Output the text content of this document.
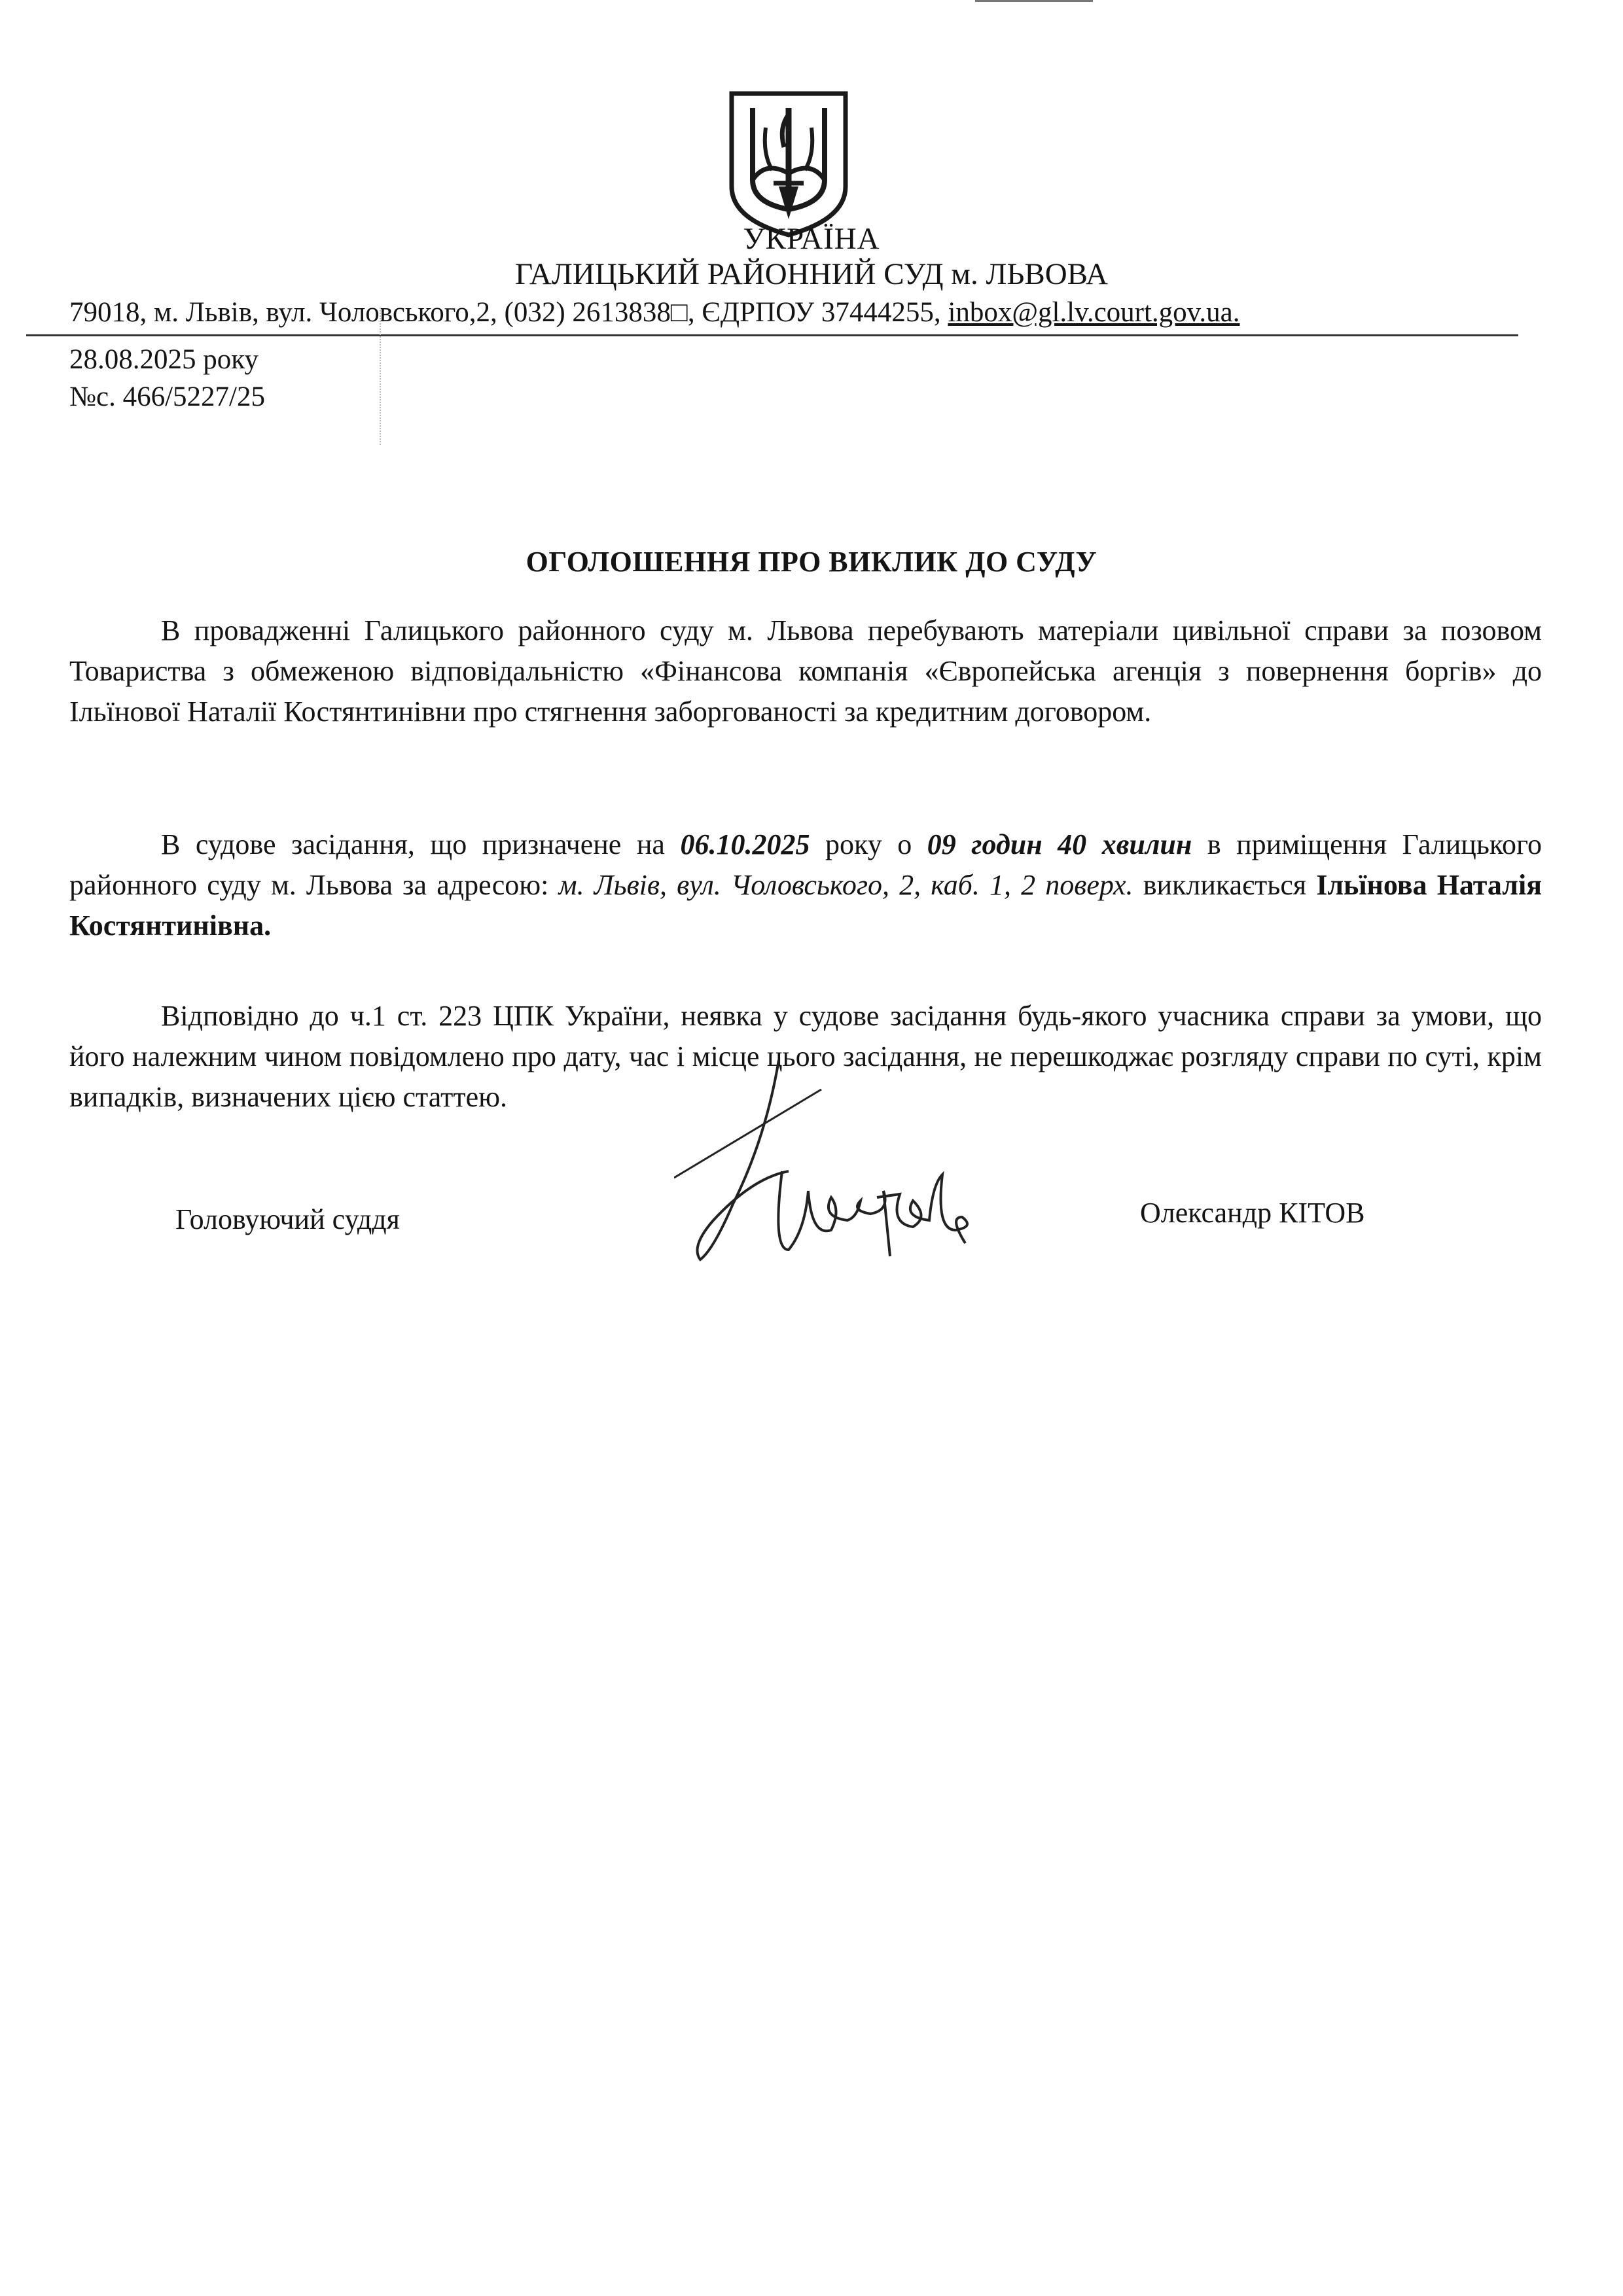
УКРАЇНА
ГАЛИЦЬКИЙ РАЙОННИЙ СУД м. ЛЬВОВА
79018, м. Львів, вул. Чоловського,2, (032) 2613838□, ЄДРПОУ 37444255, inbox@gl.lv.court.gov.ua.
28.08.2025 року
№с. 466/5227/25
ОГОЛОШЕННЯ ПРО ВИКЛИК ДО СУДУ

В провадженні Галицького районного суду м. Львова перебувають матеріали цивільної справи за позовом Товариства з обмеженою відповідальністю «Фінансова компанія «Європейська агенція з повернення боргів» до Ільїнової Наталії Костянтинівни про стягнення заборгованості за кредитним договором.

В судове засідання, що призначене на 06.10.2025 року о 09 годин 40 хвилин в приміщення Галицького районного суду м. Львова за адресою: м. Львів, вул. Чоловського, 2, каб. 1, 2 поверх. викликається Ільїнова Наталія Костянтинівна.

Відповідно до ч.1 ст. 223 ЦПК України, неявка у судове засідання будь-якого учасника справи за умови, що його належним чином повідомлено про дату, час і місце цього засідання, не перешкоджає розгляду справи по суті, крім випадків, визначених цією статтею.

Головуючий суддя	Олександр КІТОВ
